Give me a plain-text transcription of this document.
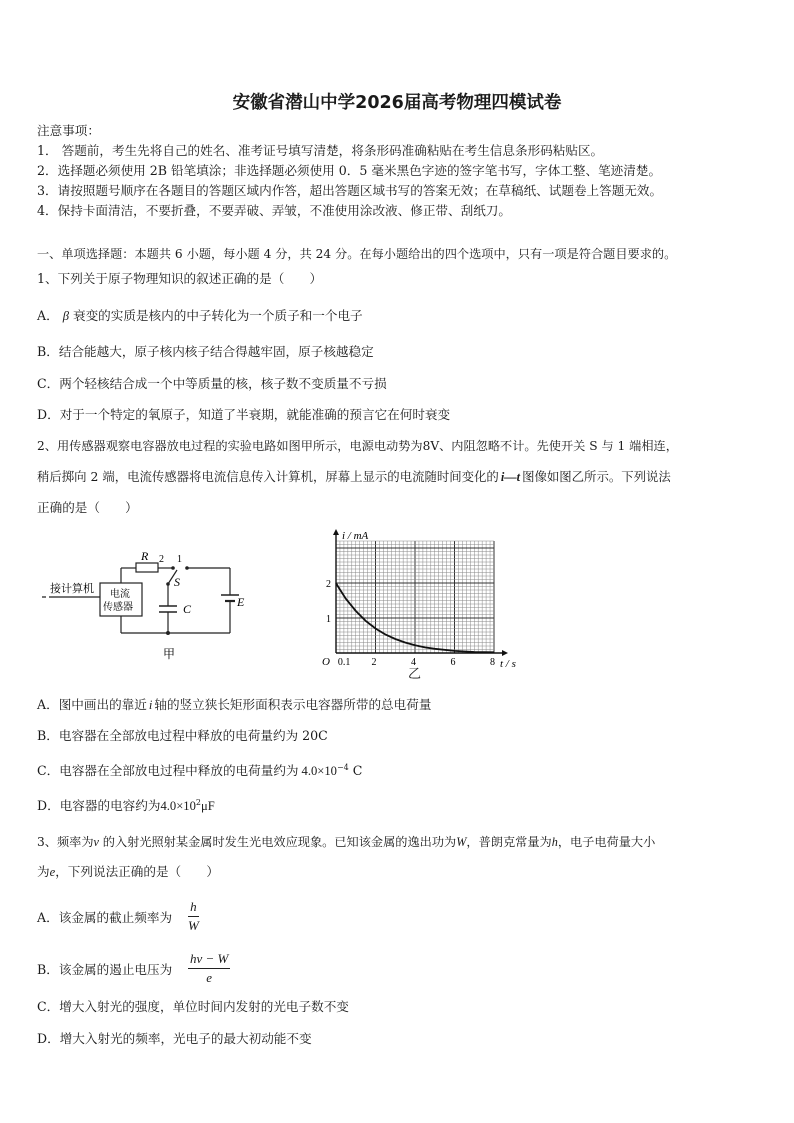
安徽省潜山中学2026届高考物理四模试卷
注意事项：
1． 答题前，考生先将自己的姓名、准考证号填写清楚，将条形码准确粘贴在考生信息条形码粘贴区。
2．选择题必须使用 2B 铅笔填涂；非选择题必须使用 0．5 毫米黑色字迹的签字笔书写，字体工整、笔迹清楚。
3．请按照题号顺序在各题目的答题区域内作答，超出答题区域书写的答案无效；在草稿纸、试题卷上答题无效。
4．保持卡面清洁，不要折叠，不要弄破、弄皱，不准使用涂改液、修正带、刮纸刀。
一、单项选择题：本题共 6 小题，每小题 4 分，共 24 分。在每小题给出的四个选项中，只有一项是符合题目要求的。
1、下列关于原子物理知识的叙述正确的是（　　）
A． β 衰变的实质是核内的中子转化为一个质子和一个电子
B．结合能越大，原子核内核子结合得越牢固，原子核越稳定
C．两个轻核结合成一个中等质量的核，核子数不变质量不亏损
D．对于一个特定的氧原子，知道了半衰期，就能准确的预言它在何时衰变
2、用传感器观察电容器放电过程的实验电路如图甲所示，电源电动势为8V、内阻忽略不计。先使开关 S 与 1 端相连，
稍后掷向 2 端，电流传感器将电流信息传入计算机，屏幕上显示的电流随时间变化的 i—t 图像如图乙所示。下列说法
正确的是（　　）
接计算机 电流
传感器
R 2 1
S
C	E
甲
0.1 2	4	6	8
1
2
O
i / mA
t / s
乙
A．图中画出的靠近 i 轴的竖立狭长矩形面积表示电容器所带的总电荷量
B．电容器在全部放电过程中释放的电荷量约为 20C
C．电容器在全部放电过程中释放的电荷量约为 $4.0\times 10^{-4}$ C
D．电容器的电容约为$4.0\times 10^2\mu F$
3、频率为ν 的入射光照射某金属时发生光电效应现象。已知该金属的逸出功为W，普朗克常量为h，电子电荷量大小
为e，下列说法正确的是（　　）
A．该金属的截止频率为 $\frac{h}{W}$
B．该金属的遏止电压为 $\frac{h\nu - W}{e}$
C．增大入射光的强度，单位时间内发射的光电子数不变
D．增大入射光的频率，光电子的最大初动能不变
